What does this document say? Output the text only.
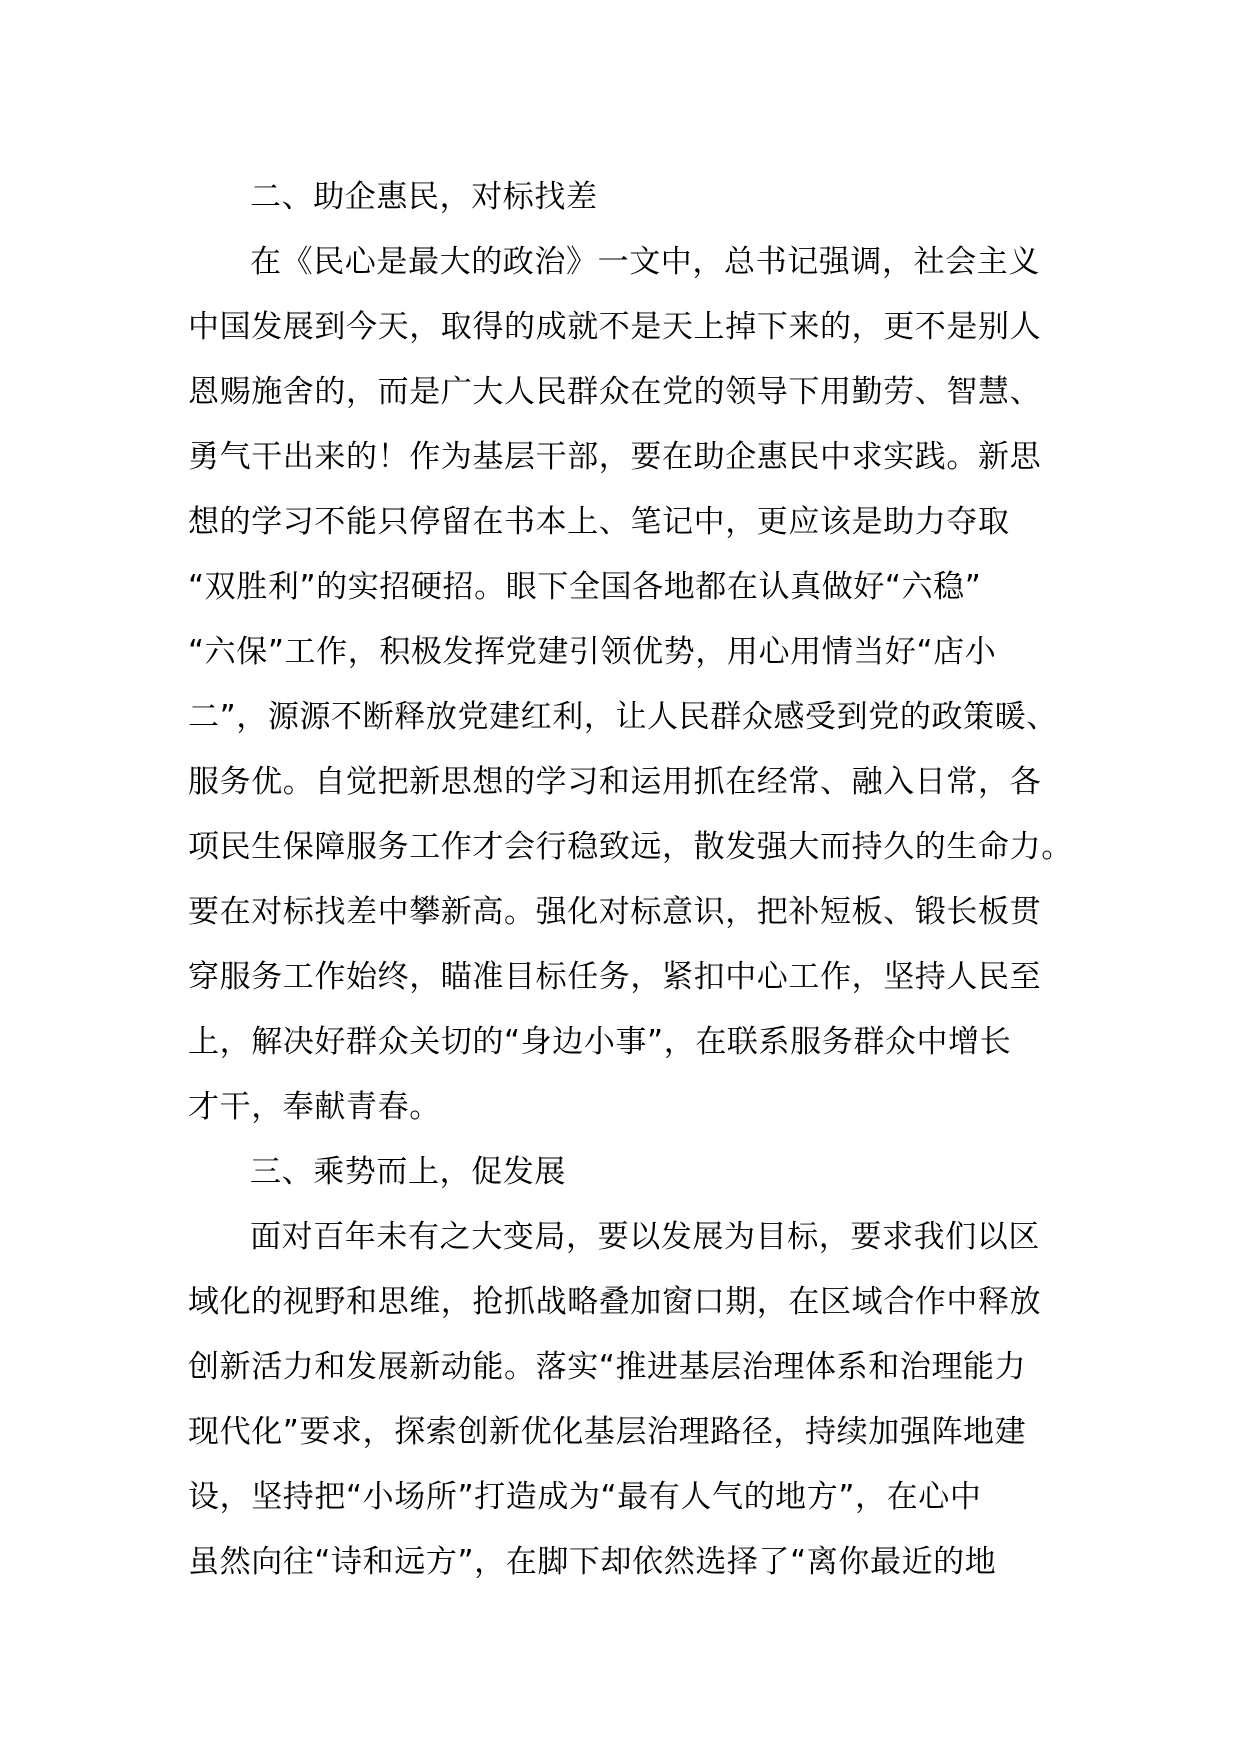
二、助企惠民，对标找差
在《民心是最大的政治》一文中，总书记强调，社会主义
中国发展到今天，取得的成就不是天上掉下来的，更不是别人
恩赐施舍的，而是广大人民群众在党的领导下用勤劳、智慧、
勇气干出来的！作为基层干部，要在助企惠民中求实践。新思
想的学习不能只停留在书本上、笔记中，更应该是助力夺取
“双胜利”的实招硬招。眼下全国各地都在认真做好“六稳”
“六保”工作，积极发挥党建引领优势，用心用情当好“店小
二”，源源不断释放党建红利，让人民群众感受到党的政策暖、
服务优。自觉把新思想的学习和运用抓在经常、融入日常，各
项民生保障服务工作才会行稳致远，散发强大而持久的生命力。
要在对标找差中攀新高。强化对标意识，把补短板、锻长板贯
穿服务工作始终，瞄准目标任务，紧扣中心工作，坚持人民至
上，解决好群众关切的“身边小事”，在联系服务群众中增长
才干，奉献青春。
三、乘势而上，促发展
面对百年未有之大变局，要以发展为目标，要求我们以区
域化的视野和思维，抢抓战略叠加窗口期，在区域合作中释放
创新活力和发展新动能。落实“推进基层治理体系和治理能力
现代化”要求，探索创新优化基层治理路径，持续加强阵地建
设，坚持把“小场所”打造成为“最有人气的地方”，在心中
虽然向往“诗和远方”，在脚下却依然选择了“离你最近的地
